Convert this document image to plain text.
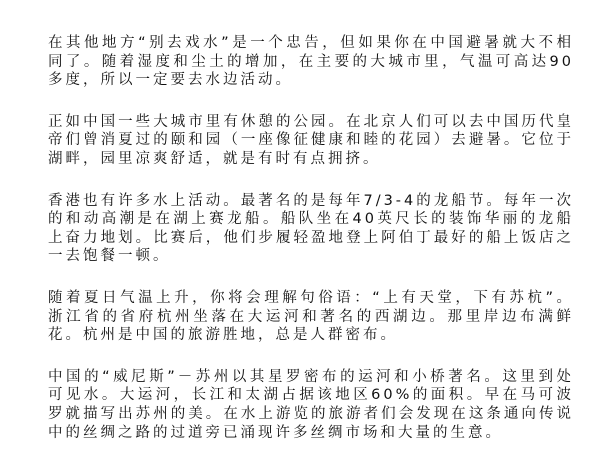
在其他地方“别去戏水”是一个忠告，但如果你在中国避暑就大不相同了。随着湿度和尘土的增加，在主要的大城市里，气温可高达90多度，所以一定要去水边活动。

正如中国一些大城市里有休憩的公园。在北京人们可以去中国历代皇帝们曾消夏过的颐和园（一座像征健康和睦的花园）去避暑。它位于湖畔，园里凉爽舒适，就是有时有点拥挤。

香港也有许多水上活动。最著名的是每年7/3-4的龙船节。每年一次的和动高潮是在湖上赛龙船。船队坐在40英尺长的装饰华丽的龙船上奋力地划。比赛后，他们步履轻盈地登上阿伯丁最好的船上饭店之一去饱餐一顿。

随着夏日气温上升，你将会理解句俗语：“上有天堂，下有苏杭”。浙江省的省府杭州坐落在大运河和著名的西湖边。那里岸边布满鲜花。杭州是中国的旅游胜地，总是人群密布。

中国的“威尼斯”－苏州以其星罗密布的运河和小桥著名。这里到处可见水。大运河，长江和太湖占据该地区60%的面积。早在马可波罗就描写出苏州的美。在水上游览的旅游者们会发现在这条通向传说中的丝绸之路的过道旁已涌现许多丝绸市场和大量的生意。
